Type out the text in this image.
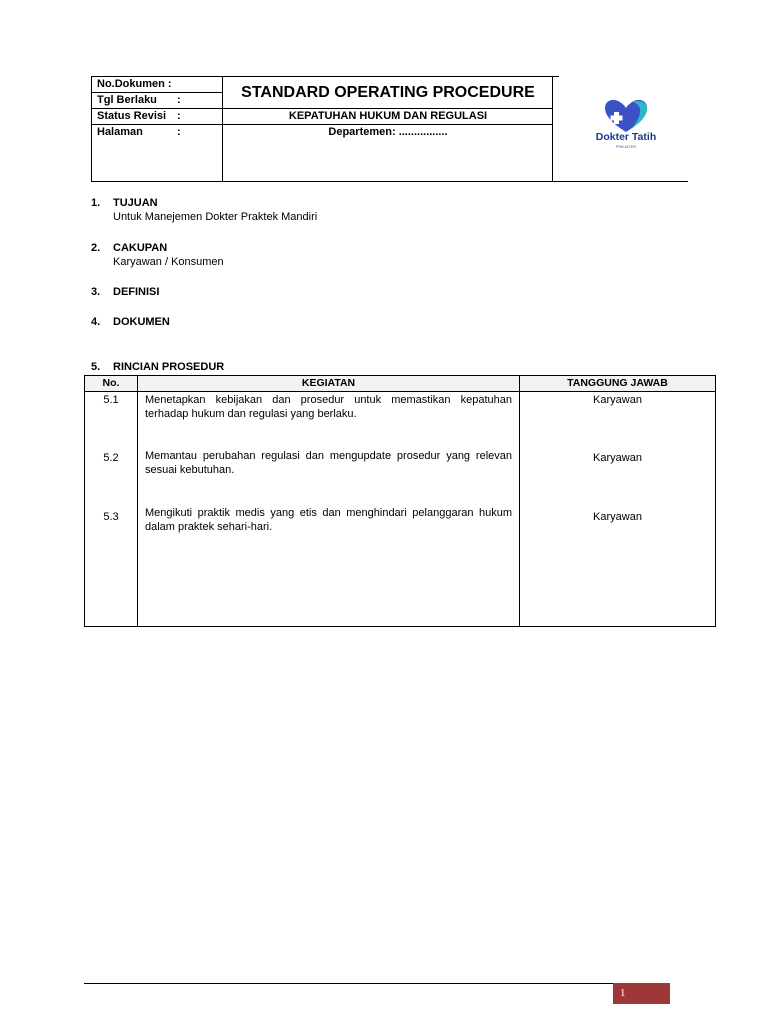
No.Dokumen :
Tgl Berlaku :
Status Revisi :
Halaman	:
STANDARD OPERATING PROCEDURE
KEPATUHAN HUKUM DAN REGULASI
Departemen: ................	Dokter Tatih
PSIKIATER
1. TUJUAN
Untuk Manejemen Dokter Praktek Mandiri
2. CAKUPAN
Karyawan / Konsumen
3. DEFINISI
4. DOKUMEN
5. RINCIAN PROSEDUR
No.	KEGIATAN	TANGGUNG JAWAB
5.1	Menetapkan kebijakan dan prosedur untuk memastikan kepatuhan terhadap hukum dan regulasi yang berlaku.
Karyawan
5.2	Memantau perubahan regulasi dan mengupdate prosedur yang relevan sesuai kebutuhan.
Karyawan
5.3	Mengikuti praktik medis yang etis dan menghindari pelanggaran hukum dalam praktek sehari-hari.
Karyawan
1
